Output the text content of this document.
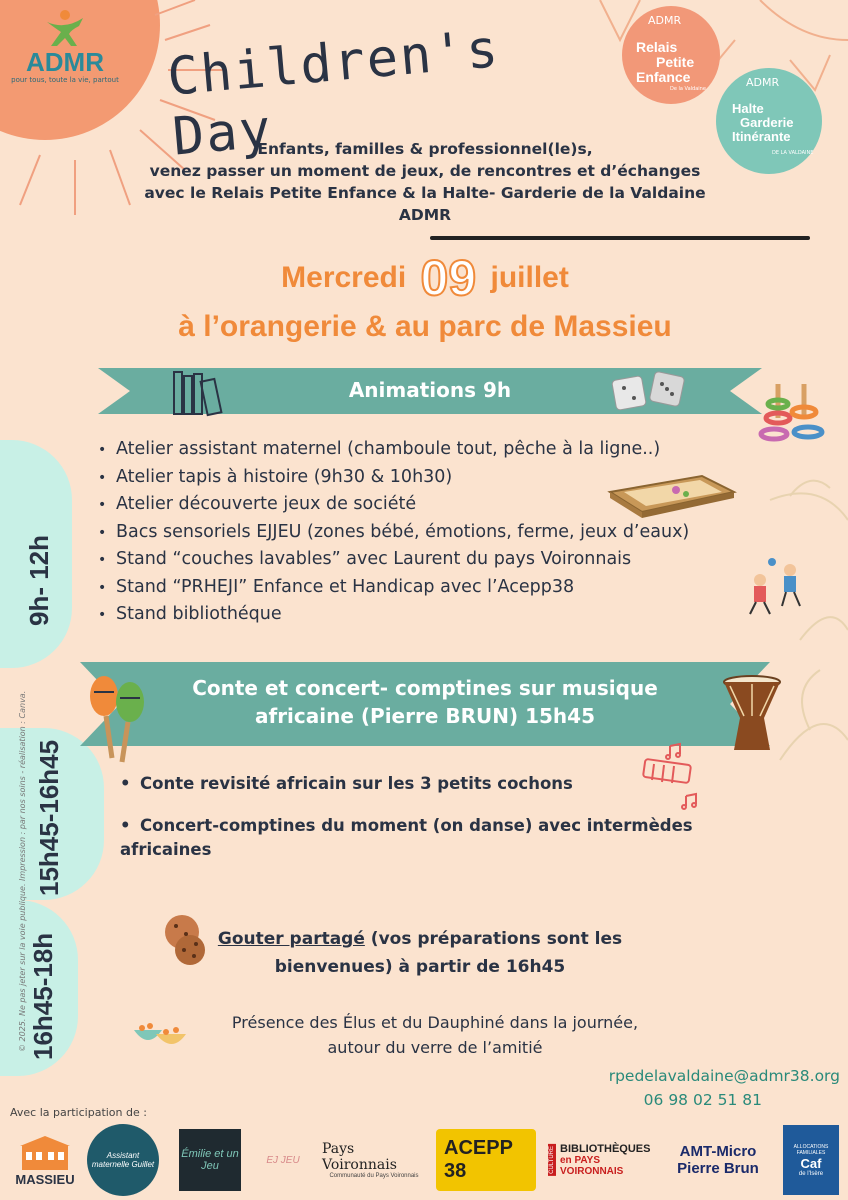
ADMR
pour tous, toute la vie, partout Children's Day
ADMR
Relais
Petite
Enfance
De la Valdaine	ADMR
Halte
Garderie
Itinérante
DE LA VALDAINE
Enfants, familles & professionnel(le)s,
venez passer un moment de jeux, de rencontres et d’échanges
avec le Relais Petite Enfance & la Halte- Garderie de la Valdaine
ADMR
Mercredi 09 juillet
à l’orangerie & au parc de Massieu
9h- 12h
15h45-16h45
16h45-18h
© 2025. Ne pas jeter sur la voie publique. Impression : par nos soins - réalisation : Canva.
Animations 9h
• Atelier assistant maternel (chamboule tout, pêche à la ligne..)
• Atelier tapis à histoire (9h30 & 10h30)
• Atelier découverte jeux de société
• Bacs sensoriels EJJEU (zones bébé, émotions, ferme, jeux d’eaux)
• Stand “couches lavables” avec Laurent du pays Voironnais
• Stand “PRHEJI” Enfance et Handicap avec l’Acepp38
• Stand bibliothéque
Conte et concert- comptines sur musique
africaine (Pierre BRUN) 15h45
• Conte revisité africain sur les 3 petits cochons
• Concert-comptines du moment (on danse) avec intermèdes africaines
Gouter partagé (vos préparations sont les
bienvenues) à partir de 16h45
Présence des Élus et du Dauphiné dans la journée,
autour du verre de l’amitié
rpedelavaldaine@admr38.org
06 98 02 51 81
Avec la participation de :
MASSIEU
Assistant maternelle Guillet
Émilie et un Jeu	EJ JEU
Pays Voironnais
Communauté du Pays Voironnais
ACEPP 38	CULTURE BIBLIOTHÈQUES
en PAYS VOIRONNAIS
AMT-Micro
Pierre Brun
ALLOCATIONS FAMILIALES
Caf
de l'Isère
